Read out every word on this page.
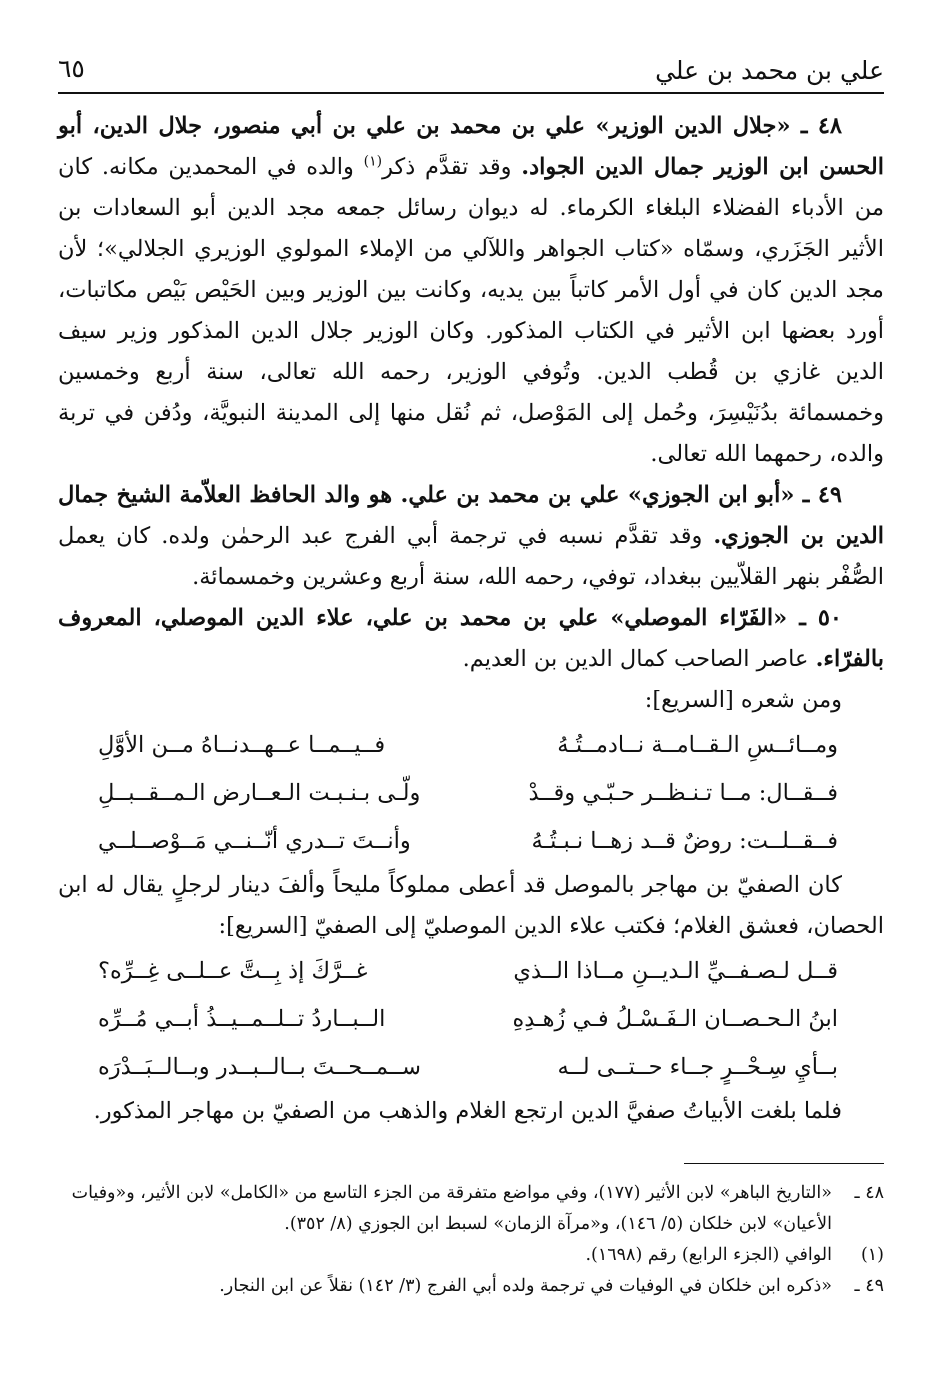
علي بن محمد بن علي
٦٥

٤٨ ـ «جلال الدين الوزير» علي بن محمد بن علي بن أبي منصور، جلال الدين، أبو الحسن ابن الوزير جمال الدين الجواد. وقد تقدَّم ذكر$^{(١)}$ والده في المحمدين مكانه. كان من الأدباء الفضلاء البلغاء الكرماء. له ديوان رسائل جمعه مجد الدين أبو السعادات بن الأثير الجَزَري، وسمّاه «كتاب الجواهر واللآلي من الإملاء المولوي الوزيري الجلالي»؛ لأن مجد الدين كان في أول الأمر كاتباً بين يديه، وكانت بين الوزير وبين الحَيْص بَيْص مكاتبات، أورد بعضها ابن الأثير في الكتاب المذكور. وكان الوزير جلال الدين المذكور وزير سيف الدين غازي بن قُطب الدين. وتُوفي الوزير، رحمه الله تعالى، سنة أربع وخمسين وخمسمائة بدُنَيْسِرَ، وحُمل إلى المَوْصل، ثم نُقل منها إلى المدينة النبويَّة، ودُفن في تربة والده، رحمهما الله تعالى.

٤٩ ـ «أبو ابن الجوزي» علي بن محمد بن علي. هو والد الحافظ العلاّمة الشيخ جمال الدين بن الجوزي. وقد تقدَّم نسبه في ترجمة أبي الفرج عبد الرحمٰن ولده. كان يعمل الصُّفْر بنهر القلاّيين ببغداد، توفي، رحمه الله، سنة أربع وعشرين وخمسمائة.

٥٠ ـ «الفَرّاء الموصلي» علي بن محمد بن علي، علاء الدين الموصلي، المعروف بالفرّاء. عاصر الصاحب كمال الدين بن العديم.

ومن شعره [السريع]:

ومــائــسِ الـقــامــة نــادمــتُـهُ
فــيــمــا عــهــدنــاهُ مــن الأوَّلِ
فــقــال: مــا تـنـظــر حـبّـي وقــدْ
ولّـى بـنـبـت الـعــارض الـمــقــبــلِ
فــقــلــت: روضٌ قــد زهــا نـبـتُـهُ
وأنــتَ تــدري أنّــنــي مَــوْصــلــي

كان الصفيّ بن مهاجر بالموصل قد أعطى مملوكاً مليحاً وألفَ دينار لرجلٍ يقال له ابن الحصان، فعشق الغلام؛ فكتب علاء الدين الموصليّ إلى الصفيّ [السريع]:

قــل لـصـفــيِّ الـديــنِ مــاذا الــذي
غــرَّكَ إذ بِــتَّ عــلــى غِــرِّه؟
ابنُ الـحـصــان الـفَـسْـلُ فـي زُهـدِهِ
الــبــاردُ تــلــمــيــذُ أبــي مُــرِّه
بــأيِ سِـحْــرٍ جــاء حــتــى لــه
ســمــحــتَ بــالــبــدر وبــالــبَــدْرَه

فلما بلغت الأبياتُ صفيَّ الدين ارتجع الغلام والذهب من الصفيّ بن مهاجر المذكور.

٤٨ ـ
«التاريخ الباهر» لابن الأثير (١٧٧)، وفي مواضع متفرقة من الجزء التاسع من «الكامل» لابن الأثير، و«وفيات الأعيان» لابن خلكان (٥/ ١٤٦)، و«مرآة الزمان» لسبط ابن الجوزي (٨/ ٣٥٢).
(١)
الوافي (الجزء الرابع) رقم (١٦٩٨).
٤٩ ـ
«ذكره ابن خلكان في الوفيات في ترجمة ولده أبي الفرج (٣/ ١٤٢) نقلاً عن ابن النجار.
